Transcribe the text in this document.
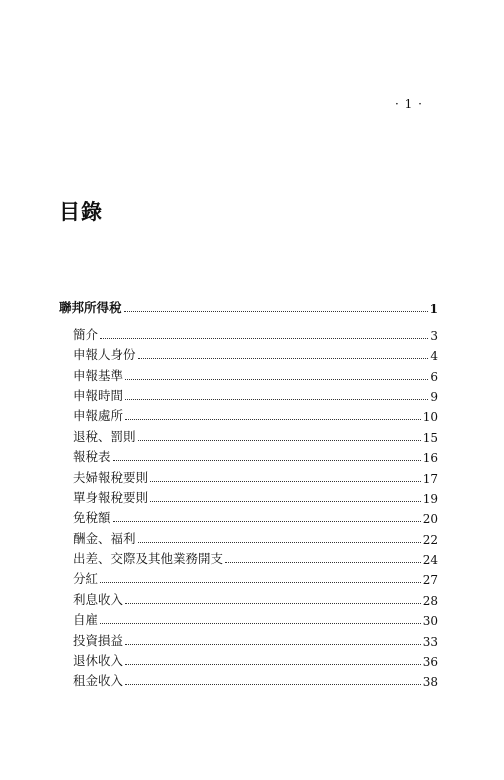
· 1 ·
目錄
聯邦所得稅	1
簡介	3
申報人身份	4
申報基準	6
申報時間	9
申報處所	10
退稅、罰則	15
報稅表	16
夫婦報稅要則	17
單身報稅要則	19
免稅額	20
酬金、福利	22
出差、交際及其他業務開支	24
分紅	27
利息收入	28
自雇	30
投資損益	33
退休收入	36
租金收入	38
